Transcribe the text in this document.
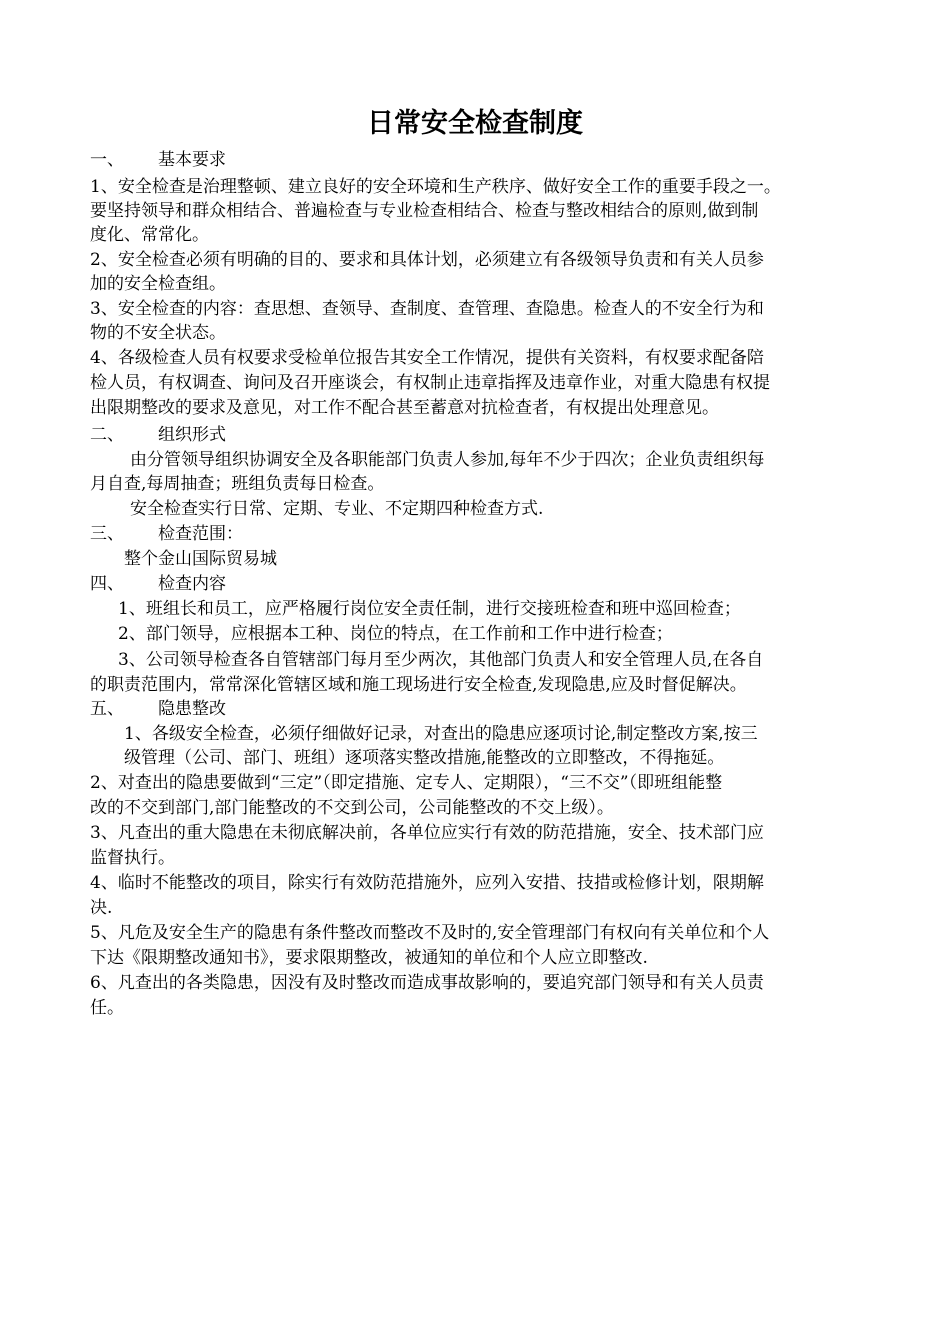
日常安全检查制度
一、 基本要求
1、安全检查是治理整顿、建立良好的安全环境和生产秩序、做好安全工作的重要手段之一。
要坚持领导和群众相结合、普遍检查与专业检查相结合、检查与整改相结合的原则,做到制
度化、常常化。
2、安全检查必须有明确的目的、要求和具体计划，必须建立有各级领导负责和有关人员参
加的安全检查组。
3、安全检查的内容：查思想、查领导、查制度、查管理、查隐患。检查人的不安全行为和
物的不安全状态。
4、各级检查人员有权要求受检单位报告其安全工作情况，提供有关资料，有权要求配备陪
检人员，有权调查、询问及召开座谈会，有权制止违章指挥及违章作业，对重大隐患有权提
出限期整改的要求及意见，对工作不配合甚至蓄意对抗检查者，有权提出处理意见。
二、 组织形式
由分管领导组织协调安全及各职能部门负责人参加,每年不少于四次；企业负责组织每
月自查,每周抽查；班组负责每日检查。
安全检查实行日常、定期、专业、不定期四种检查方式.
三、 检查范围：
整个金山国际贸易城
四、 检查内容
1、班组长和员工，应严格履行岗位安全责任制，进行交接班检查和班中巡回检查；
2、部门领导，应根据本工种、岗位的特点，在工作前和工作中进行检查；
3、公司领导检查各自管辖部门每月至少两次，其他部门负责人和安全管理人员,在各自
的职责范围内，常常深化管辖区域和施工现场进行安全检查,发现隐患,应及时督促解决。
五、 隐患整改
1、各级安全检查，必须仔细做好记录，对查出的隐患应逐项讨论,制定整改方案,按三
级管理（公司、部门、班组）逐项落实整改措施,能整改的立即整改，不得拖延。
2、对查出的隐患要做到“三定”（即定措施、定专人、定期限），“三不交”（即班组能整
改的不交到部门,部门能整改的不交到公司，公司能整改的不交上级）。
3、凡查出的重大隐患在未彻底解决前，各单位应实行有效的防范措施，安全、技术部门应
监督执行。
4、临时不能整改的项目，除实行有效防范措施外，应列入安措、技措或检修计划，限期解
决.
5、凡危及安全生产的隐患有条件整改而整改不及时的,安全管理部门有权向有关单位和个人
下达《限期整改通知书》，要求限期整改，被通知的单位和个人应立即整改.
6、凡查出的各类隐患，因没有及时整改而造成事故影响的，要追究部门领导和有关人员责
任。
